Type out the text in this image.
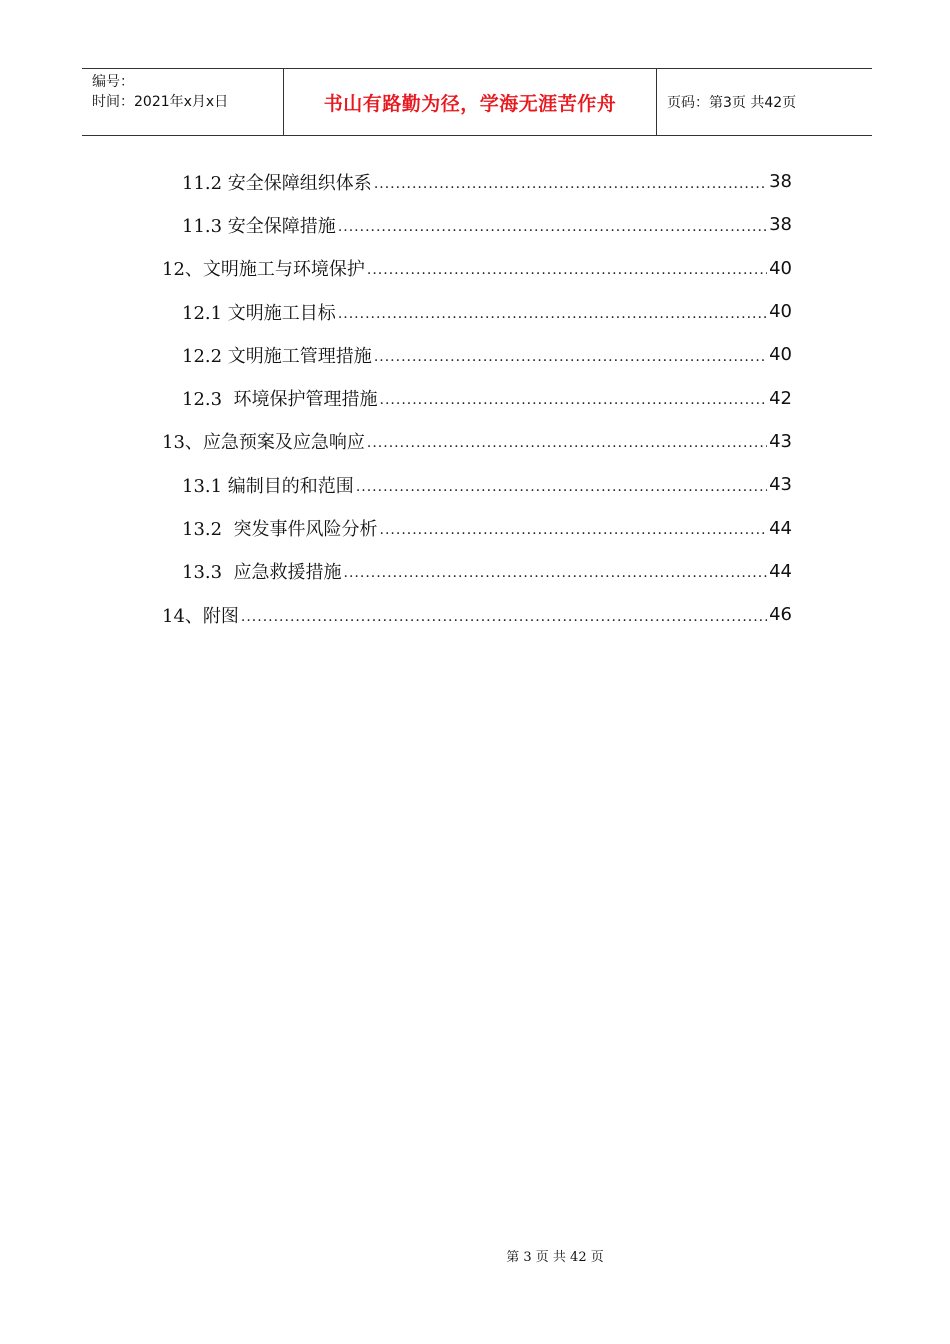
编号：
时间：2021年x月x日	书山有路勤为径，学海无涯苦作舟	页码：第3页 共42页
11.2 安全保障组织体系 .....	38
11.3 安全保障措施 .....	38
12、文明施工与环境保护 .....	40
12.1 文明施工目标 .....	40
12.2 文明施工管理措施 .....	40
12.3  环境保护管理措施 .....	42
13、应急预案及应急响应 .....	43
13.1 编制目的和范围 .....	43
13.2  突发事件风险分析 .....	44
13.3  应急救援措施 .....	44
14、附图 .....	46
第 3 页 共 42 页
